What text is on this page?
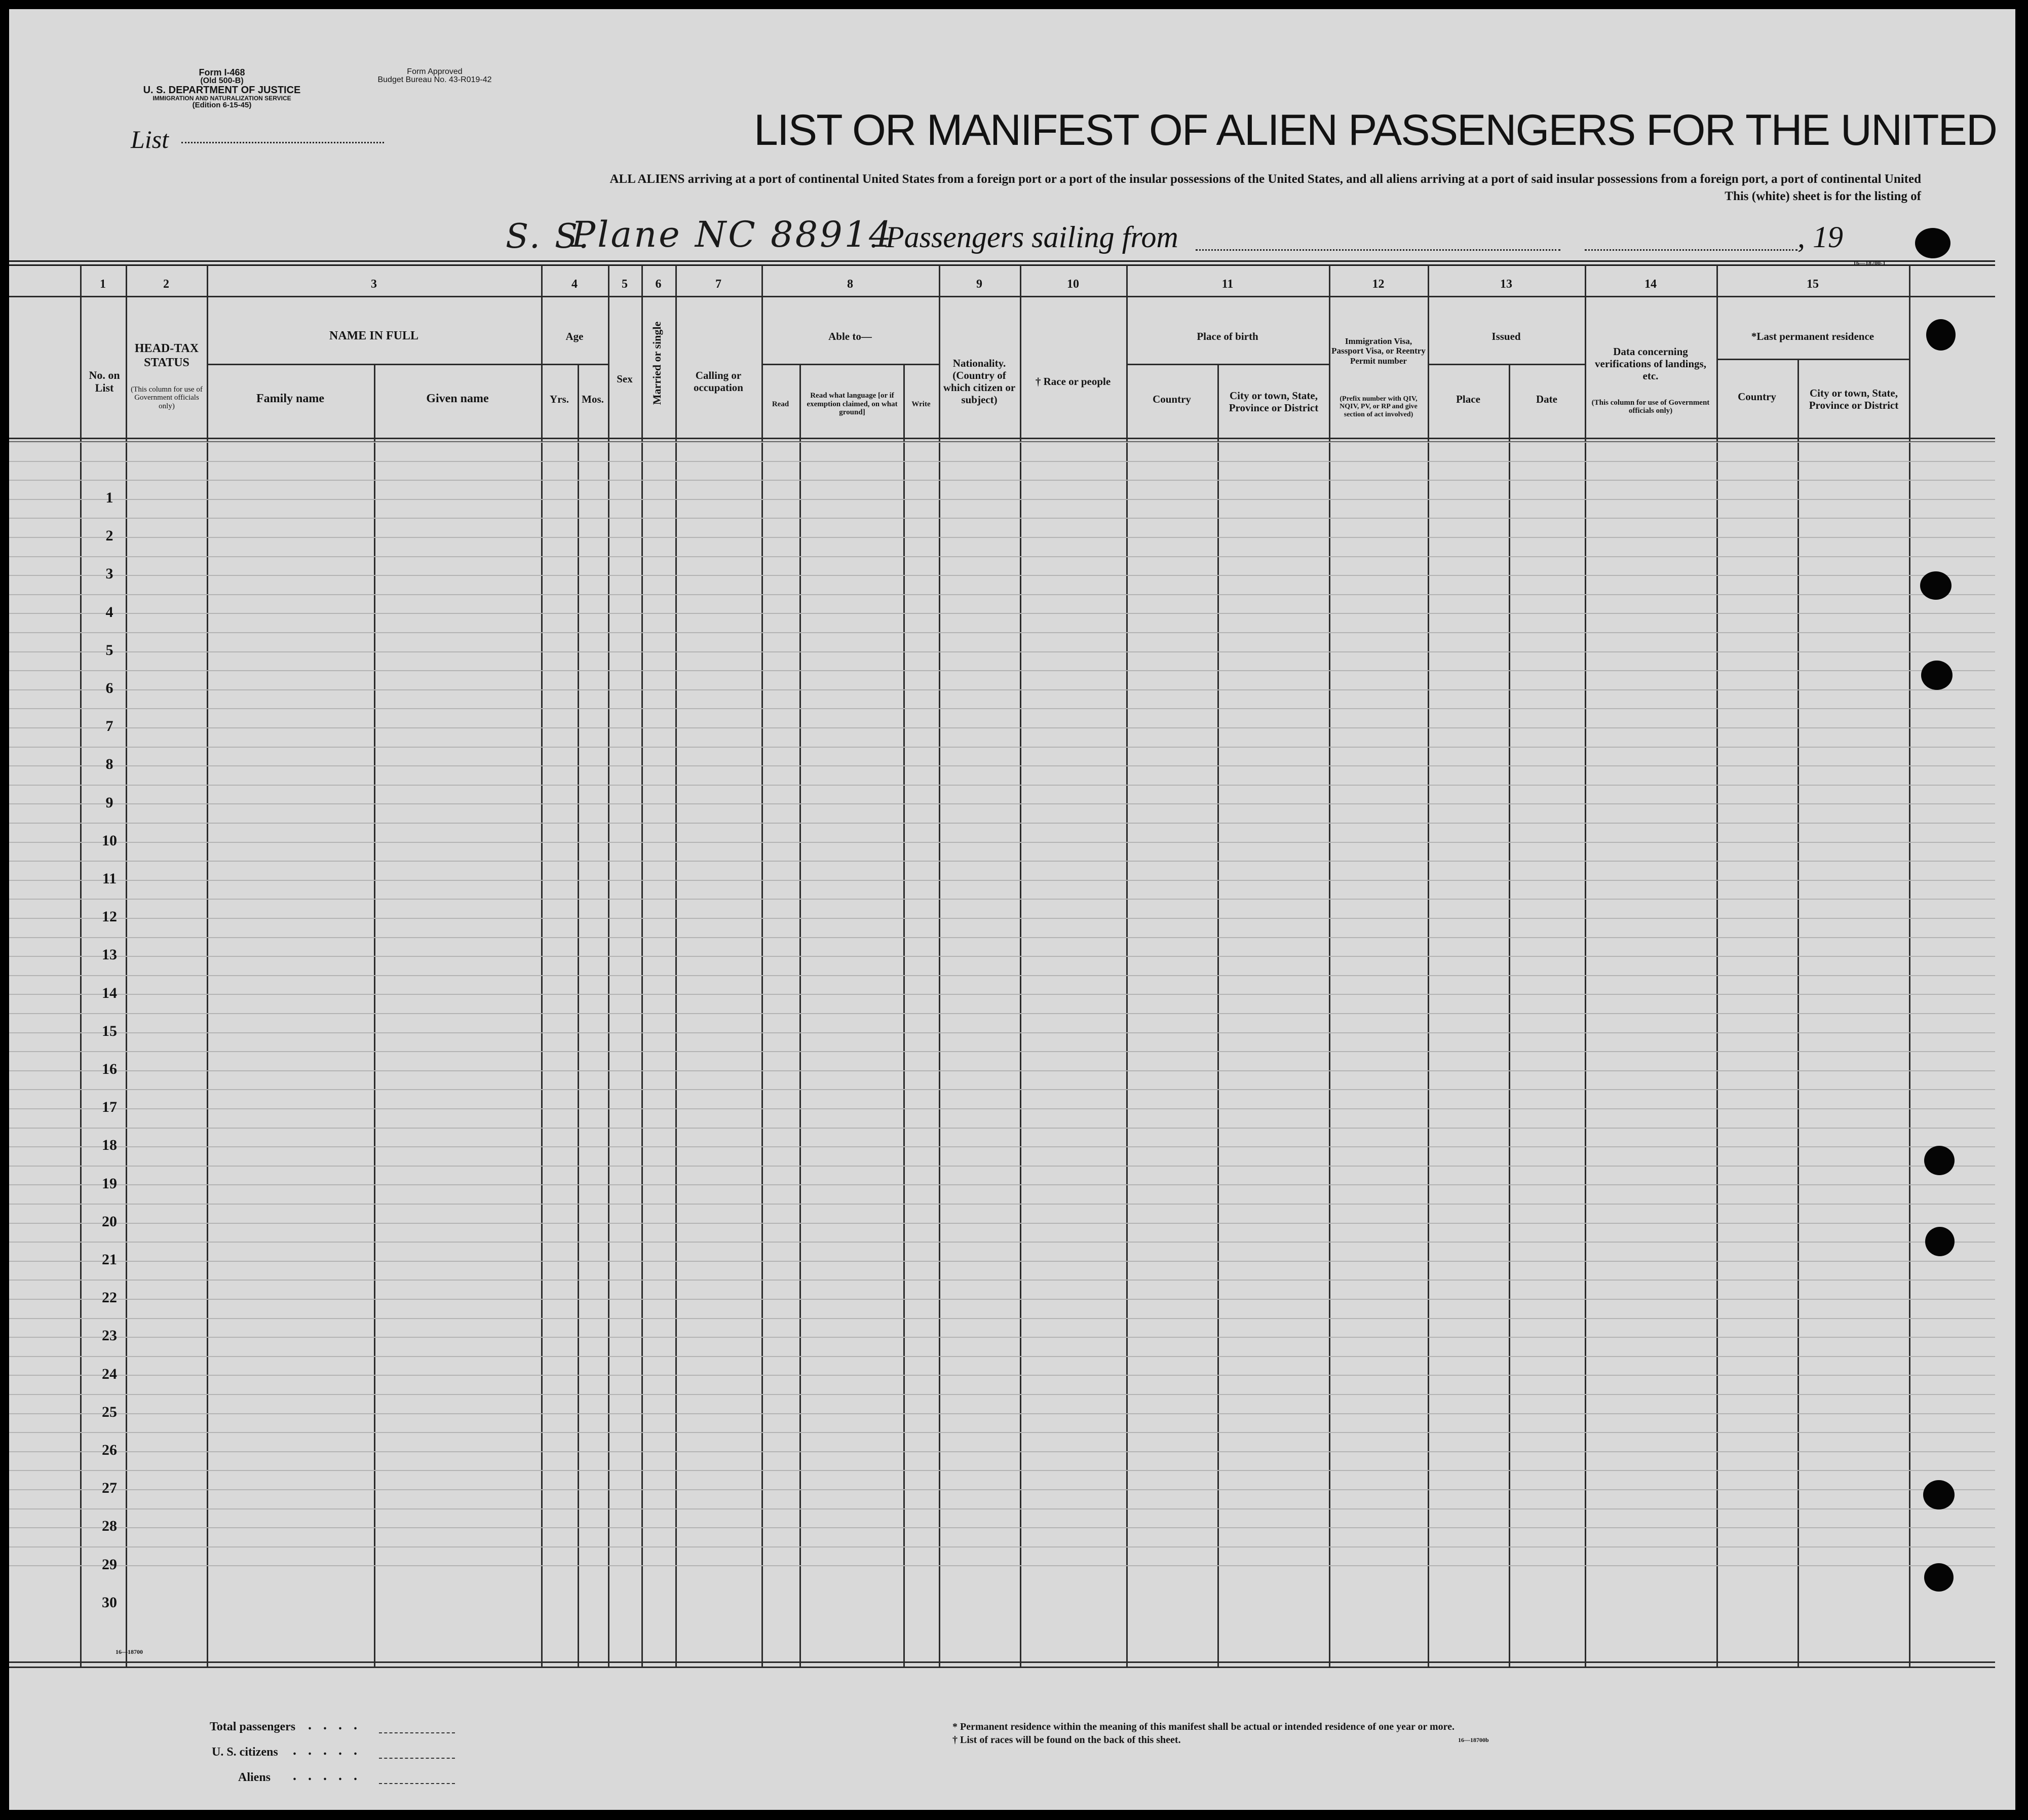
Form I-468
(Old 500-B)
U. S. DEPARTMENT OF JUSTICE
IMMIGRATION AND NATURALIZATION SERVICE
(Edition 6-15-45)
Form Approved
Budget Bureau No. 43-R019-42
List	LIST OR MANIFEST OF ALIEN PASSENGERS FOR THE UNITED
ALL ALIENS arriving at a port of continental United States from a foreign port or a port of the insular possessions of the United States, and all aliens arriving at a port of said insular possessions from a foreign port, a port of continental United
This (white) sheet is for the listing of
S. S.
Plane NC 88914
. Passengers sailing from	, 19
16—18700-1
1	2	3	4	5	6	7	8	9	10	11	12	13	14	15
No. on List
HEAD-TAX STATUS
(This column for use of Government officials only)
NAME IN FULL
Family name	Given name
Age
Yrs.	Mos.
Sex	Married or single	Calling or occupation
Able to—
Read
Read what language [or if exemption claimed, on what ground]
Write
Nationality. (Country of which citizen or subject)
† Race or people
Place of birth
Country	City or town, State, Province or District
Immigration Visa, Passport Visa, or Reentry Permit number
(Prefix number with QIV, NQIV, PV, or RP and give section of act involved)
Issued
Place	Date
Data concerning verifications of landings, etc.
(This column for use of Government officials only)
*Last permanent residence
Country	City or town, State, Province or District
1
2
3
4
5
6
7
8
9
10
11
12
13
14
15
16
17
18
19
20
21
22
23
24
25
26
27
28
29
30
16—18700
Total passengers . . . .
U. S. citizens . . . . .
Aliens . . . . .
* Permanent residence within the meaning of this manifest shall be actual or intended residence of one year or more.
† List of races will be found on the back of this sheet.	16—18700b
